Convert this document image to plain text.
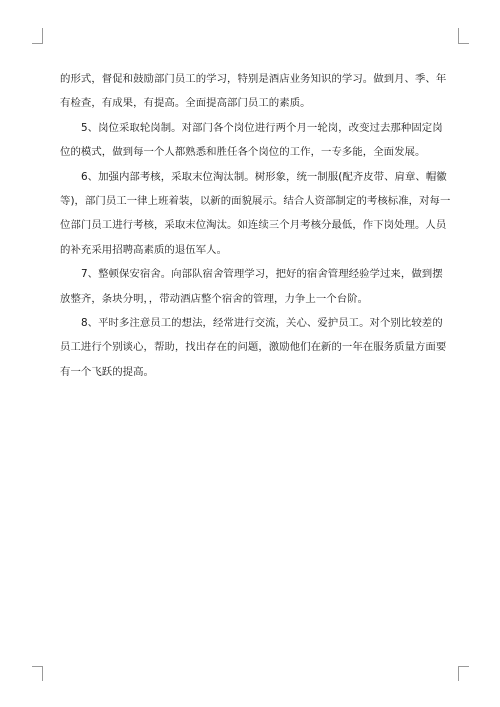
的形式，督促和鼓励部门员工的学习，特别是酒店业务知识的学习。做到月、季、年
有检查，有成果，有提高。全面提高部门员工的素质。
5、岗位采取轮岗制。对部门各个岗位进行两个月一轮岗，改变过去那种固定岗
位的模式，做到每一个人都熟悉和胜任各个岗位的工作，一专多能，全面发展。
6、加强内部考核，采取末位淘汰制。树形象，统一制服(配齐皮带、肩章、帽徽
等)，部门员工一律上班着装，以新的面貌展示。结合人资部制定的考核标准，对每一
位部门员工进行考核，采取末位淘汰。如连续三个月考核分最低，作下岗处理。人员
的补充采用招聘高素质的退伍军人。
7、整顿保安宿舍。向部队宿舍管理学习，把好的宿舍管理经验学过来，做到摆
放整齐，条块分明，，带动酒店整个宿舍的管理，力争上一个台阶。
8、平时多注意员工的想法，经常进行交流，关心、爱护员工。对个别比较差的
员工进行个别谈心，帮助，找出存在的问题，激励他们在新的一年在服务质量方面要
有一个飞跃的提高。
